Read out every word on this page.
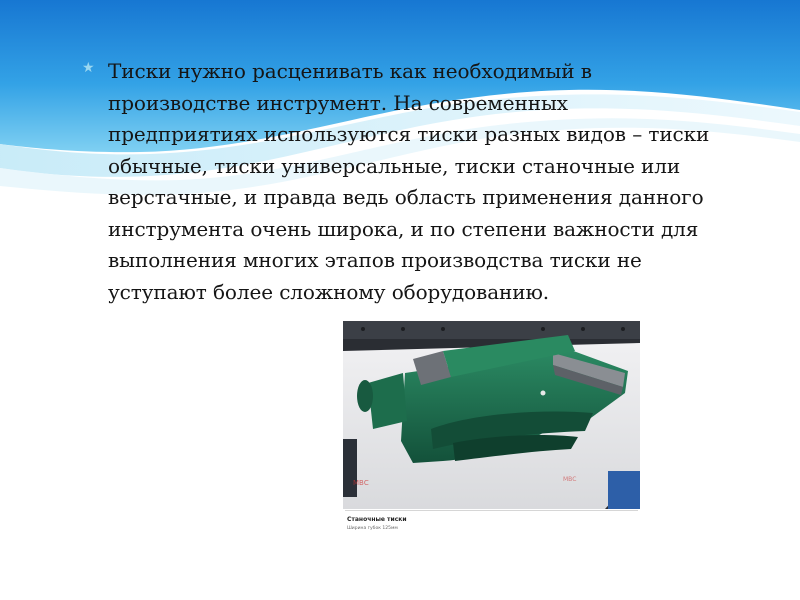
★ Тиски нужно расценивать как необходимый в производстве инструмент. На современных предприятиях используются тиски разных видов – тиски обычные, тиски универсальные, тиски станочные или верстачные, и правда ведь область применения данного инструмента очень широка, и по степени важности для выполнения многих этапов производства тиски не уступают более сложному оборудованию.

МВС	МВС
Станочные тиски
Ширина губок 125мм
